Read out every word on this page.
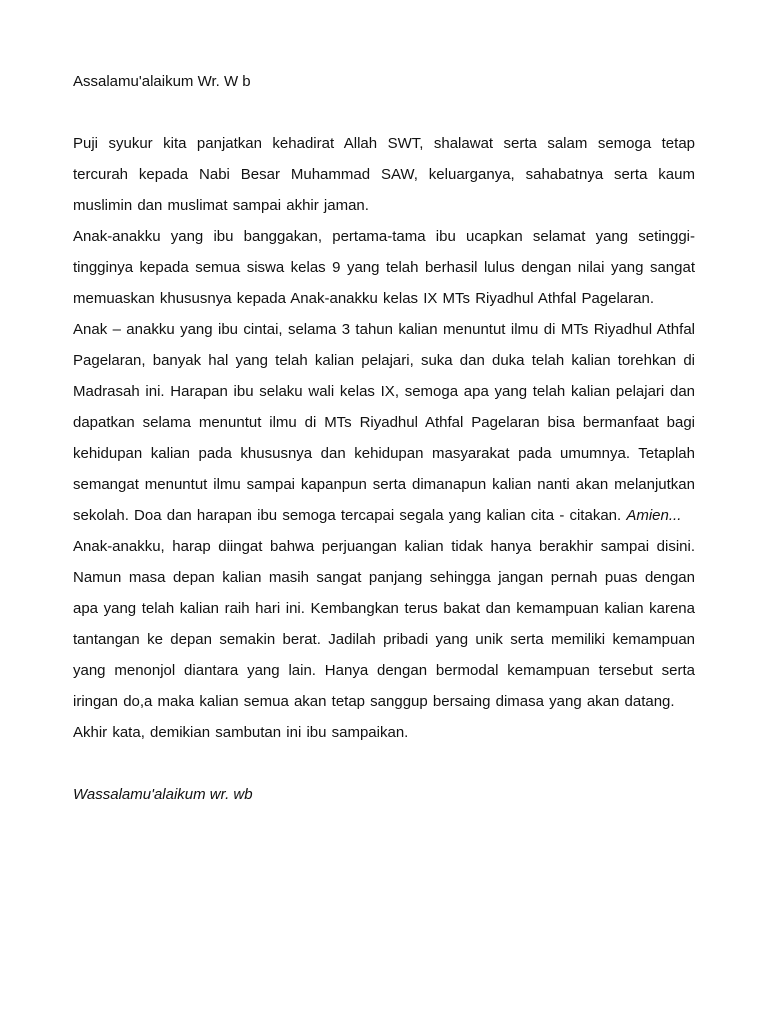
Assalamu'alaikum Wr. W b

Puji syukur kita panjatkan kehadirat Allah SWT, shalawat serta salam semoga tetap tercurah kepada Nabi Besar Muhammad SAW, keluarganya, sahabatnya serta kaum muslimin dan muslimat sampai akhir jaman.

Anak-anakku yang ibu banggakan, pertama-tama ibu ucapkan selamat yang setinggi-tingginya kepada semua siswa kelas 9 yang telah berhasil lulus dengan nilai yang sangat memuaskan khususnya kepada Anak-anakku kelas IX MTs Riyadhul Athfal Pagelaran.

Anak – anakku yang ibu cintai, selama 3 tahun kalian menuntut ilmu di MTs Riyadhul Athfal Pagelaran, banyak hal yang telah kalian pelajari, suka dan duka telah kalian torehkan di Madrasah ini. Harapan ibu selaku wali kelas IX, semoga apa yang telah kalian pelajari dan dapatkan selama menuntut ilmu di MTs Riyadhul Athfal Pagelaran bisa bermanfaat bagi kehidupan kalian pada khususnya dan kehidupan masyarakat pada umumnya. Tetaplah semangat menuntut ilmu sampai kapanpun serta dimanapun kalian nanti akan melanjutkan sekolah. Doa dan harapan ibu semoga tercapai segala yang kalian cita - citakan. Amien...

Anak-anakku, harap diingat bahwa perjuangan kalian tidak hanya berakhir sampai disini. Namun masa depan kalian masih sangat panjang sehingga jangan pernah puas dengan apa yang telah kalian raih hari ini. Kembangkan terus bakat dan kemampuan kalian karena tantangan ke depan semakin berat. Jadilah pribadi yang unik serta memiliki kemampuan yang menonjol diantara yang lain. Hanya dengan bermodal kemampuan tersebut serta iringan do,a maka kalian semua akan tetap sanggup bersaing dimasa yang akan datang.

Akhir kata, demikian sambutan ini ibu sampaikan.

Wassalamu'alaikum wr. wb
